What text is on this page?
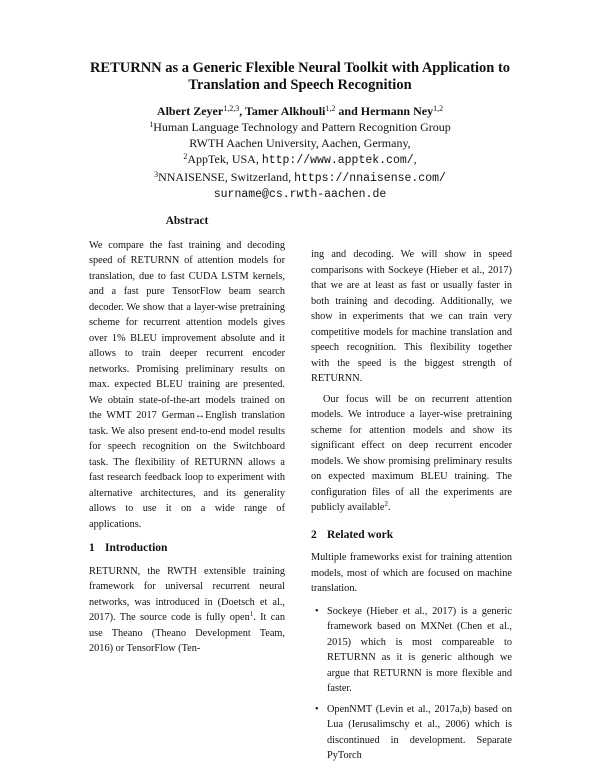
RETURNN as a Generic Flexible Neural Toolkit with Application to
Translation and Speech Recognition
Albert Zeyer$^{1,2,3}$, Tamer Alkhouli$^{1,2}$ and Hermann Ney$^{1,2}$
$^1$Human Language Technology and Pattern Recognition Group
RWTH Aachen University, Aachen, Germany,
$^2$AppTek, USA, http://www.apptek.com/,
$^3$NNAISENSE, Switzerland, https://nnaisense.com/
surname@cs.rwth-aachen.de
Abstract

We compare the fast training and decoding speed of RETURNN of attention models for translation, due to fast CUDA LSTM kernels, and a fast pure TensorFlow beam search decoder. We show that a layer-wise pretraining scheme for recurrent attention models gives over 1% BLEU improvement absolute and it allows to train deeper recurrent encoder networks. Promising preliminary results on max. expected BLEU training are presented. We obtain state-of-the-art models trained on the WMT 2017 German↔English translation task. We also present end-to-end model results for speech recognition on the Switchboard task. The flexibility of RETURNN allows a fast research feedback loop to experiment with alternative architectures, and its generality allows to use it on a wide range of applications.

1 Introduction

RETURNN, the RWTH extensible training framework for universal recurrent neural networks, was introduced in (Doetsch et al., 2017). The source code is fully open$^1$. It can use Theano (Theano Development Team, 2016) or TensorFlow (Ten-

ing and decoding. We will show in speed comparisons with Sockeye (Hieber et al., 2017) that we are at least as fast or usually faster in both training and decoding. Additionally, we show in experiments that we can train very competitive models for machine translation and speech recognition. This flexibility together with the speed is the biggest strength of RETURNN.

Our focus will be on recurrent attention models. We introduce a layer-wise pretraining scheme for attention models and show its significant effect on deep recurrent encoder models. We show promising preliminary results on expected maximum BLEU training. The configuration files of all the experiments are publicly available$^2$.

2 Related work

Multiple frameworks exist for training attention models, most of which are focused on machine translation.

• Sockeye (Hieber et al., 2017) is a generic framework based on MXNet (Chen et al., 2015) which is most compareable to RETURNN as it is generic although we argue that RETURNN is more flexible and faster.
• OpenNMT (Levin et al., 2017a,b) based on Lua (Ierusalimschy et al., 2006) which is discontinued in development. Separate PyTorch
